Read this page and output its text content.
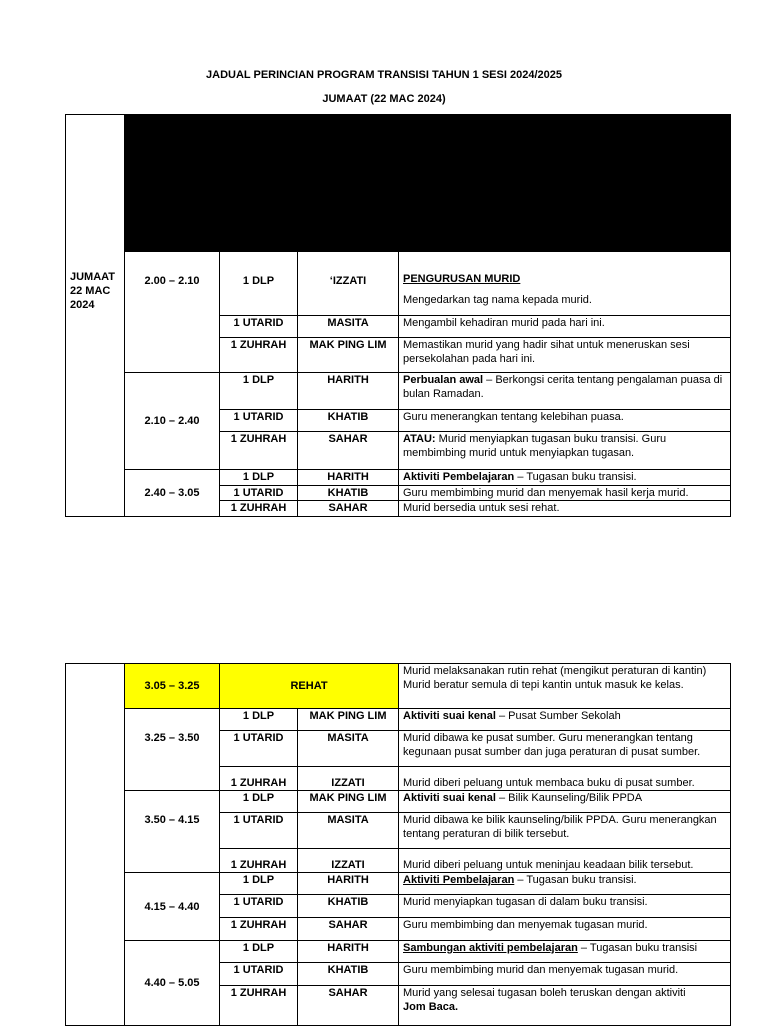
JADUAL PERINCIAN PROGRAM TRANSISI TAHUN 1 SESI 2024/2025
JUMAAT (22 MAC 2024)
JUMAAT
22 MAC
2024				

	2.00 – 2.10	1 DLP	‘IZZATI	PENGURUSAN MURID
Mengedarkan tag nama kepada murid.

		1 UTARID	MASITA	Mengambil kehadiran murid pada hari ini.
		1 ZUHRAH	MAK PING LIM	Memastikan murid yang hadir sihat untuk meneruskan sesi persekolahan pada hari ini.
	2.10 – 2.40	1 DLP	HARITH	Perbualan awal – Berkongsi cerita tentang pengalaman puasa di bulan Ramadan.
		1 UTARID	KHATIB	Guru menerangkan tentang kelebihan puasa.
		1 ZUHRAH	SAHAR	ATAU: Murid menyiapkan tugasan buku transisi. Guru membimbing murid untuk menyiapkan tugasan.
	2.40 – 3.05	1 DLP	HARITH	Aktiviti Pembelajaran – Tugasan buku transisi.
		1 UTARID	KHATIB	Guru membimbing murid dan menyemak hasil kerja murid.
		1 ZUHRAH	SAHAR	Murid bersedia untuk sesi rehat.
	3.05 – 3.25	REHAT		Murid melaksanakan rutin rehat (mengikut peraturan di kantin)
Murid beratur semula di tepi kantin untuk masuk ke kelas.

	3.25 – 3.50	1 DLP	MAK PING LIM	Aktiviti suai kenal – Pusat Sumber Sekolah
		1 UTARID	MASITA	Murid dibawa ke pusat sumber. Guru menerangkan tentang kegunaan pusat sumber dan juga peraturan di pusat sumber.
		1 ZUHRAH	IZZATI	Murid diberi peluang untuk membaca buku di pusat sumber.
	3.50 – 4.15	1 DLP	MAK PING LIM	Aktiviti suai kenal – Bilik Kaunseling/Bilik PPDA
		1 UTARID	MASITA	Murid dibawa ke bilik kaunseling/bilik PPDA. Guru menerangkan tentang peraturan di bilik tersebut.
		1 ZUHRAH	IZZATI	Murid diberi peluang untuk meninjau keadaan bilik tersebut.
	4.15 – 4.40	1 DLP	HARITH	Aktiviti Pembelajaran – Tugasan buku transisi.
		1 UTARID	KHATIB	Murid menyiapkan tugasan di dalam buku transisi.
		1 ZUHRAH	SAHAR	Guru membimbing dan menyemak tugasan murid.
	4.40 – 5.05	1 DLP	HARITH	Sambungan aktiviti pembelajaran – Tugasan buku transisi
		1 UTARID	KHATIB	Guru membimbing murid dan menyemak tugasan murid.
		1 ZUHRAH	SAHAR	Murid yang selesai tugasan boleh teruskan dengan aktiviti
Jom Baca.
